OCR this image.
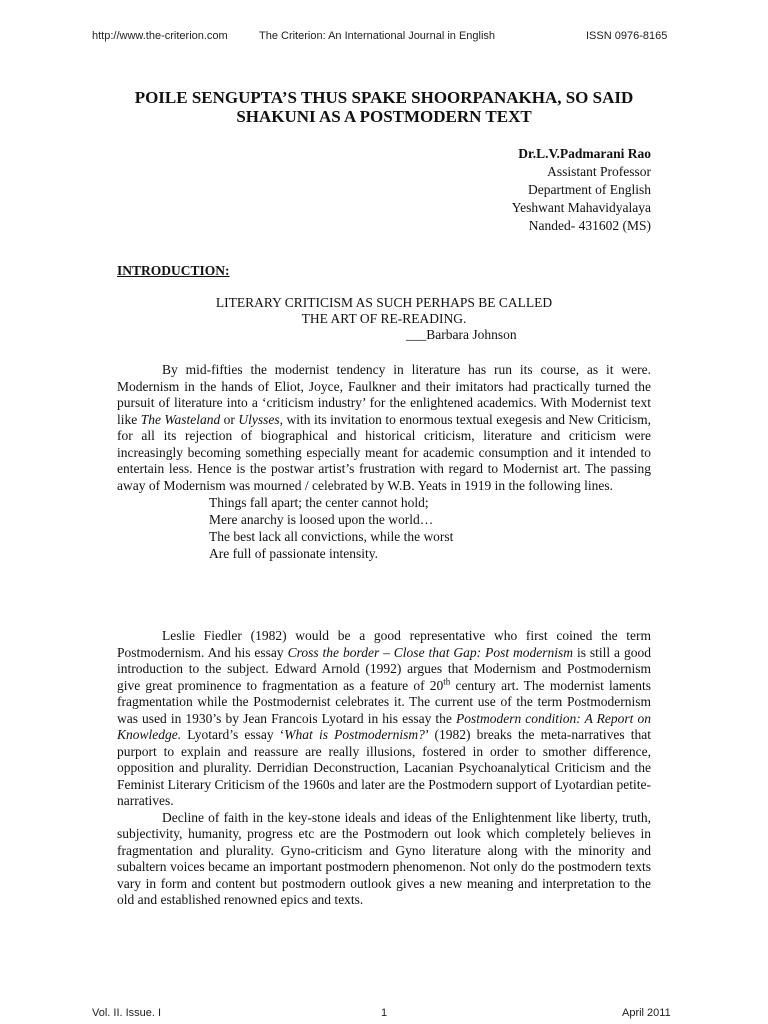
http://www.the-criterion.com	The Criterion: An International Journal in English	ISSN 0976-8165
POILE SENGUPTA’S THUS SPAKE SHOORPANAKHA, SO SAID
SHAKUNI AS A POSTMODERN TEXT
Dr.L.V.Padmarani Rao
Assistant Professor
Department of English
Yeshwant Mahavidyalaya
Nanded- 431602 (MS)
INTRODUCTION:
LITERARY CRITICISM AS SUCH PERHAPS BE CALLED
THE ART OF RE-READING.
___Barbara Johnson

By mid-fifties the modernist tendency in literature has run its course, as it were. Modernism in the hands of Eliot, Joyce, Faulkner and their imitators had practically turned the pursuit of literature into a ‘criticism industry’ for the enlightened academics. With Modernist text like The Wasteland or Ulysses, with its invitation to enormous textual exegesis and New Criticism, for all its rejection of biographical and historical criticism, literature and criticism were increasingly becoming something especially meant for academic consumption and it intended to entertain less. Hence is the postwar artist’s frustration with regard to Modernist art. The passing away of Modernism was mourned / celebrated by W.B. Yeats in 1919 in the following lines.

Things fall apart; the center cannot hold;
Mere anarchy is loosed upon the world…
The best lack all convictions, while the worst
Are full of passionate intensity.

Leslie Fiedler (1982) would be a good representative who first coined the term Postmodernism. And his essay Cross the border – Close that Gap: Post modernism is still a good introduction to the subject. Edward Arnold (1992) argues that Modernism and Postmodernism give great prominence to fragmentation as a feature of 20th century art. The modernist laments fragmentation while the Postmodernist celebrates it. The current use of the term Postmodernism was used in 1930’s by Jean Francois Lyotard in his essay the Postmodern condition: A Report on Knowledge. Lyotard’s essay ‘What is Postmodernism?’ (1982) breaks the meta-narratives that purport to explain and reassure are really illusions, fostered in order to smother difference, opposition and plurality. Derridian Deconstruction, Lacanian Psychoanalytical Criticism and the Feminist Literary Criticism of the 1960s and later are the Postmodern support of Lyotardian petite-narratives.

Decline of faith in the key-stone ideals and ideas of the Enlightenment like liberty, truth, subjectivity, humanity, progress etc are the Postmodern out look which completely believes in fragmentation and plurality. Gyno-criticism and Gyno literature along with the minority and subaltern voices became an important postmodern phenomenon. Not only do the postmodern texts vary in form and content but postmodern outlook gives a new meaning and interpretation to the old and established renowned epics and texts.

Vol. II. Issue. I	1	April 2011
